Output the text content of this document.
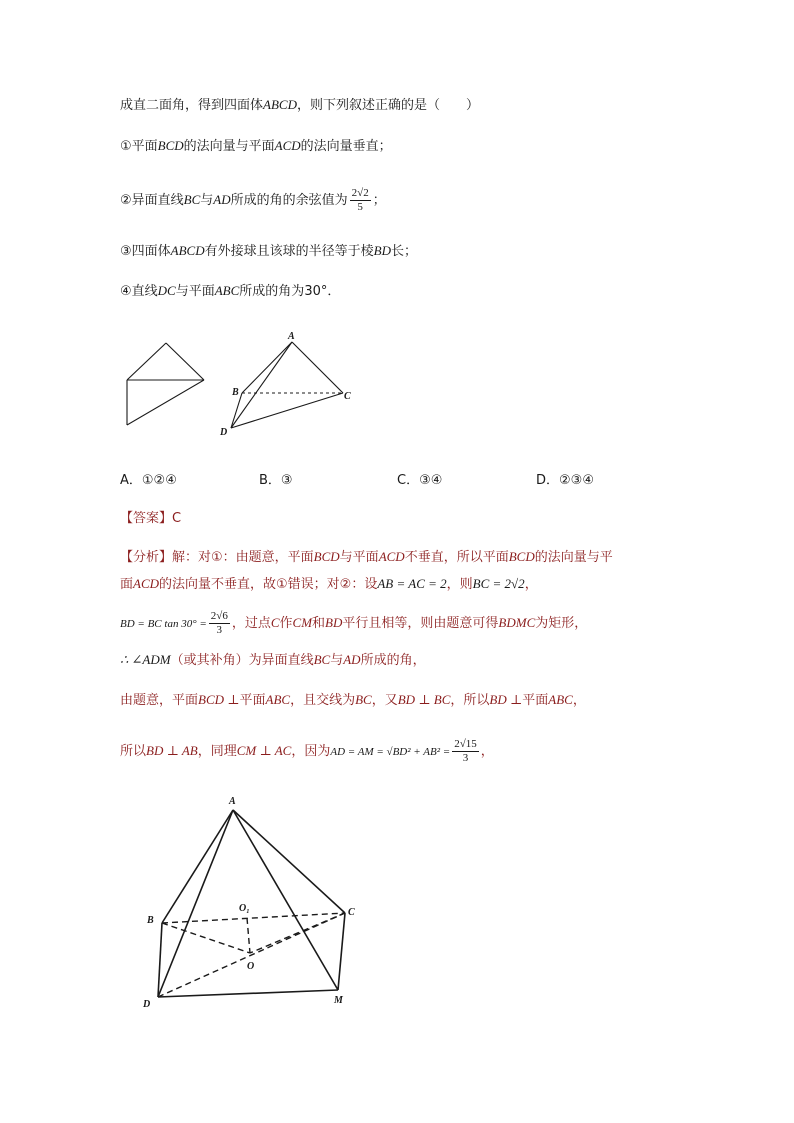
成直二面角，得到四面体ABCD，则下列叙述正确的是（　　）
①平面BCD的法向量与平面ACD的法向量垂直；
②异面直线BC与AD所成的角的余弦值为 $\frac{2√2}{5}$ ；
③四面体ABCD有外接球且该球的半径等于棱BD长；
④直线DC与平面ABC所成的角为30°．
A
B	C
D
A．①②④	B．③	C．③④	D．②③④
【答案】C
【分析】解：对①：由题意，平面BCD与平面ACD不垂直，所以平面BCD的法向量与平
面ACD的法向量不垂直，故①错误；对②：设AB = AC = 2，则BC = 2√2，
BD = BC $\tan 30^\circ = \frac{2√6}{3}$ ，过点C作CM和BD平行且相等，则由题意可得BDMC为矩形，
∴ ∠ADM（或其补角）为异面直线BC与AD所成的角，
由题意，平面BCD ⊥平面ABC，且交线为BC，又BD ⊥ BC，所以BD ⊥平面ABC，
所以BD ⊥ AB，同理CM ⊥ AC，因为AD = AM = $√BD^2 + AB^2 = \frac{2√15}{3}$ ，
A
B
C
D	M
O
O₁
